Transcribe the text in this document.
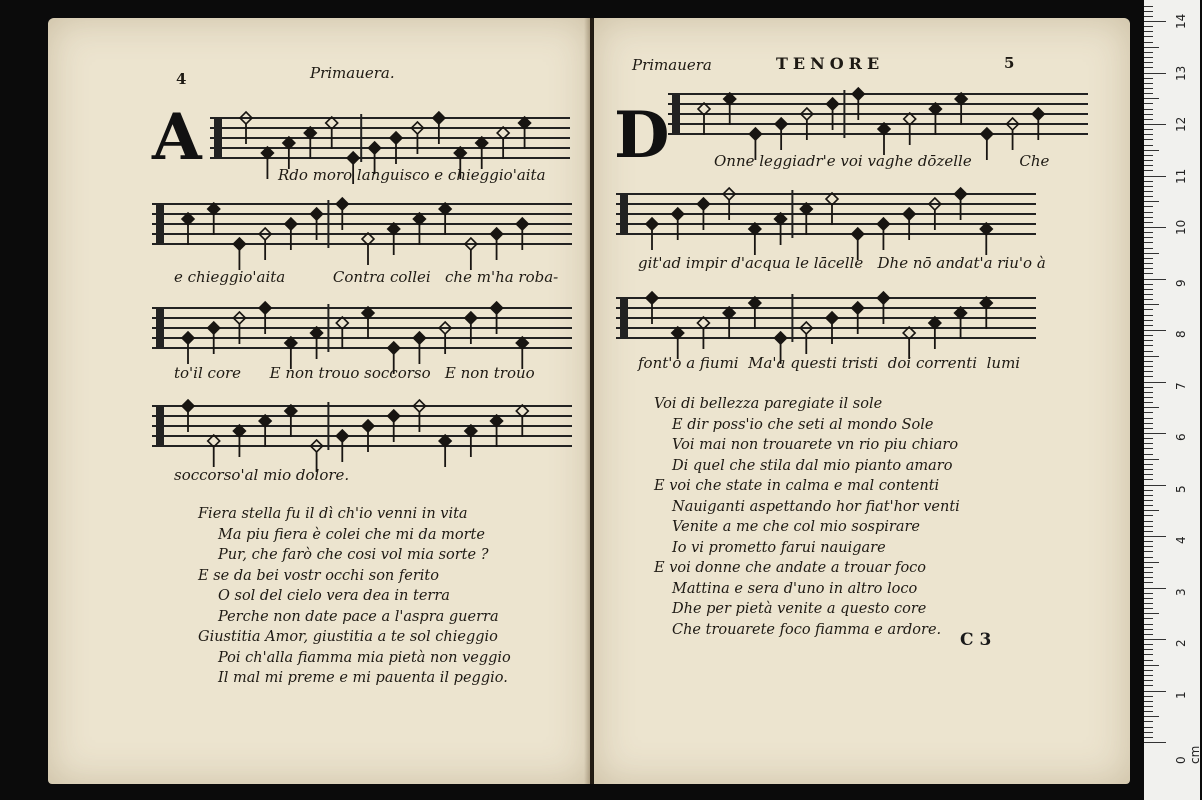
4	Primauera.
A	Rdo moro languisco e chieggio'aita
e chieggio'aita          Contra collei   che m'ha roba-
to'il core      E non trouo soccorso   E non trouo
soccorso'al mio dolore.
Fiera stella fu il dì ch'io venni in vita
Ma piu fiera è colei che mi da morte
Pur, che farò che cosi vol mia sorte ?
E se da bei vostr occhi son ferito
O sol del cielo vera dea in terra
Perche non date pace a l'aspra guerra
Giustitia Amor, giustitia a te sol chieggio
Poi ch'alla fiamma mia pietà non veggio
Il mal mi preme e mi pauenta il peggio.
Primauera	TENORE	5
D	Onne leggiadr'e voi vaghe dōzelle          Che
git'ad impir d'acqua le lācelle   Dhe nō andat'a riu'o à
font'o a fiumi  Ma'a questi tristi  doi correnti  lumi
Voi di bellezza paregiate il sole
E dir poss'io che seti al mondo Sole
Voi mai non trouarete vn rio piu chiaro
Di quel che stila dal mio pianto amaro
E voi che state in calma e mal contenti
Nauiganti aspettando hor fiat'hor venti
Venite a me che col mio sospirare
Io vi prometto farui nauigare
E voi donne che andate a trouar foco
Mattina e sera d'uno in altro loco
Dhe per pietà venite a questo core
Che trouarete foco fiamma e ardore.
C 3
0 cm
1
2
3
4
5
6
7
8
9
10
11
12
13
14
